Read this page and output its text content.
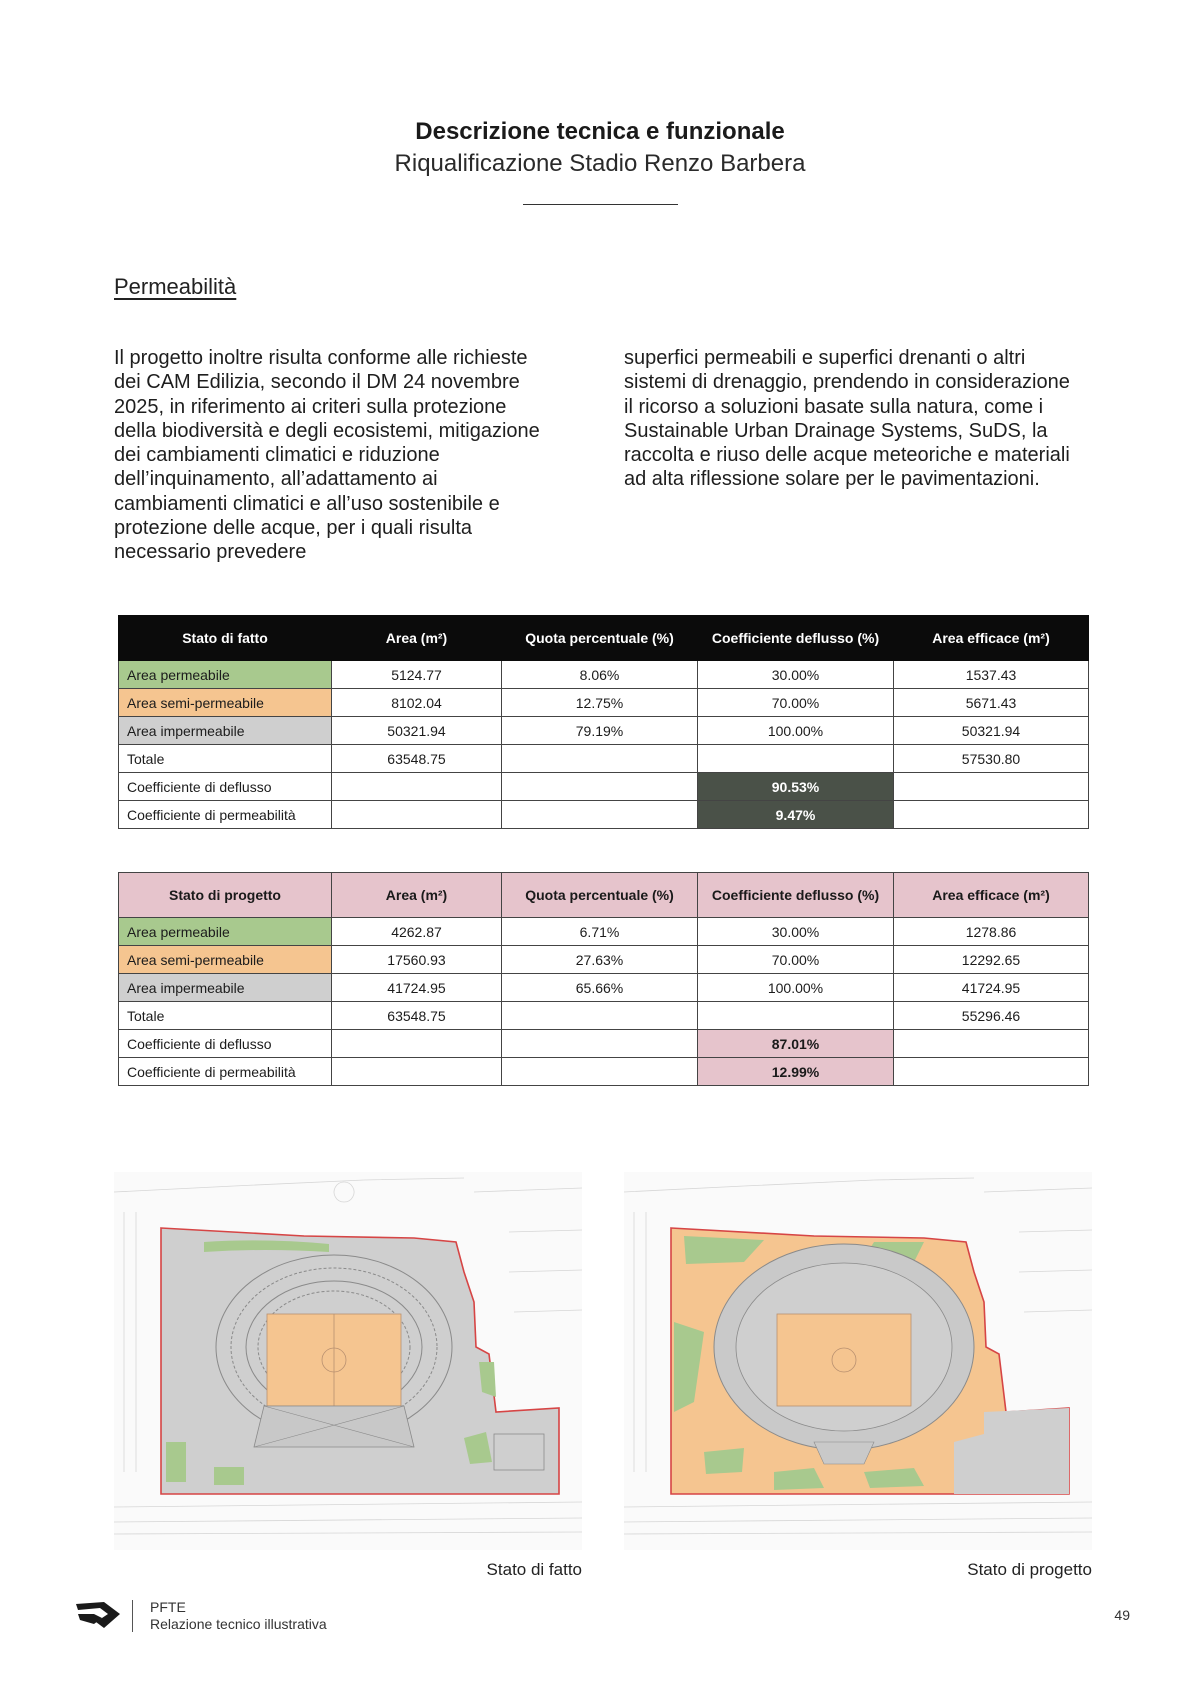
Descrizione tecnica e funzionale
Riqualificazione Stadio Renzo Barbera
Permeabilità
Il progetto inoltre risulta conforme alle richieste dei CAM Edilizia, secondo il DM 24 novembre 2025, in riferimento ai criteri sulla protezione della biodiversità e degli ecosistemi, mitigazione dei cambiamenti climatici e riduzione dell’inquinamento, all’adattamento ai cambiamenti climatici e all’uso sostenibile e protezione delle acque, per i quali risulta necessario prevedere
superfici permeabili e superfici drenanti o altri sistemi di drenaggio, prendendo in considerazione il ricorso a soluzioni basate sulla natura, come i Sustainable Urban Drainage Systems, SuDS, la raccolta e riuso delle acque meteoriche e materiali ad alta riflessione solare per le pavimentazioni.
Stato di fatto	Area (m²)	Quota percentuale (%)	Coefficiente deflusso (%)	Area efficace (m²)
Area permeabile	5124.77	8.06%	30.00%	1537.43
Area semi-permeabile	8102.04	12.75%	70.00%	5671.43
Area impermeabile	50321.94	79.19%	100.00%	50321.94
Totale	63548.75			57530.80
Coefficiente di deflusso			90.53%	
Coefficiente di permeabilità			9.47%	
Stato di progetto	Area (m²)	Quota percentuale (%)	Coefficiente deflusso (%)	Area efficace (m²)
Area permeabile	4262.87	6.71%	30.00%	1278.86
Area semi-permeabile	17560.93	27.63%	70.00%	12292.65
Area impermeabile	41724.95	65.66%	100.00%	41724.95
Totale	63548.75			55296.46
Coefficiente di deflusso			87.01%	
Coefficiente di permeabilità			12.99%	
Stato di fatto	Stato di progetto
PFTE
Relazione tecnico illustrativa
49
